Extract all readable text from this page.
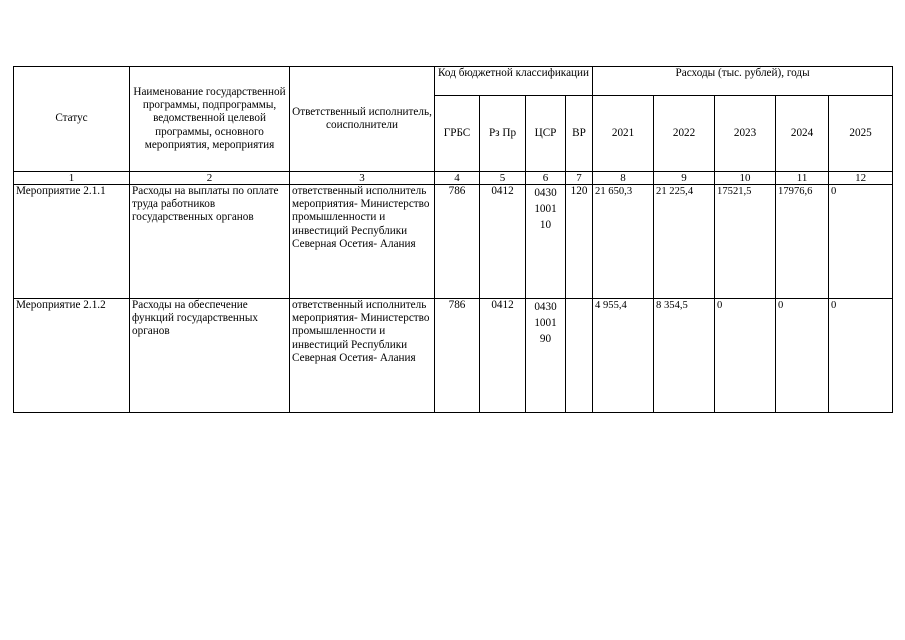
Статус	Наименование государственной программы, подпрограммы, ведомственной целевой программы, основного мероприятия, мероприятия	Ответственный исполнитель, соисполнители	Код бюджетной классификации				Расходы (тыс. рублей), годы				
			ГРБС	Рз Пр	ЦСР	ВР	2021	2022	2023	2024	2025
1	2	3	4	5	6	7	8	9	10	11	12
Мероприятие 2.1.1	Расходы на выплаты по оплате труда работников государственных органов	ответственный исполнитель мероприятия- Министерство промышленности и инвестиций Республики Северная Осетия- Алания	786	0412	0430 1001 10	120	21 650,3	21 225,4	17521,5	17976,6	0
Мероприятие 2.1.2	Расходы на обеспечение функций государственных органов	ответственный исполнитель мероприятия- Министерство промышленности и инвестиций Республики Северная Осетия- Алания	786	0412	0430 1001 90		4 955,4	8 354,5	0	0	0
